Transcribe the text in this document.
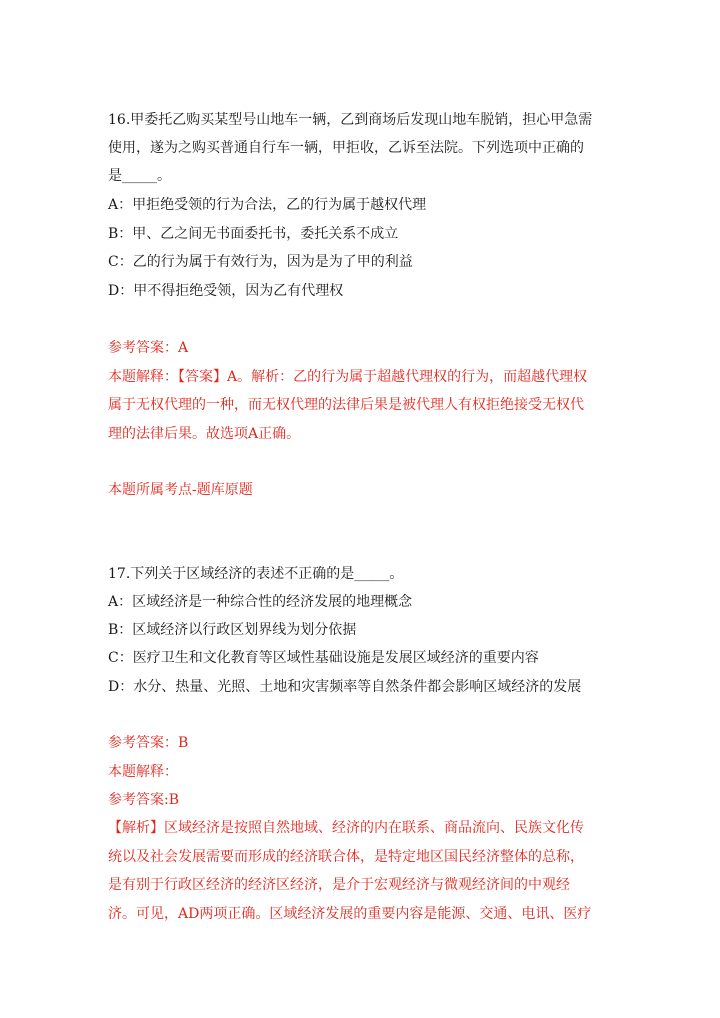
16.甲委托乙购买某型号山地车一辆，乙到商场后发现山地车脱销，担心甲急需
使用，遂为之购买普通自行车一辆，甲拒收，乙诉至法院。下列选项中正确的
是_____。
A：甲拒绝受领的行为合法，乙的行为属于越权代理
B：甲、乙之间无书面委托书，委托关系不成立
C：乙的行为属于有效行为，因为是为了甲的利益
D：甲不得拒绝受领，因为乙有代理权
参考答案：A
本题解释：【答案】A。解析：乙的行为属于超越代理权的行为，而超越代理权
属于无权代理的一种，而无权代理的法律后果是被代理人有权拒绝接受无权代
理的法律后果。故选项A正确。
本题所属考点-题库原题
17.下列关于区域经济的表述不正确的是_____。
A：区域经济是一种综合性的经济发展的地理概念
B：区域经济以行政区划界线为划分依据
C：医疗卫生和文化教育等区域性基础设施是发展区域经济的重要内容
D：水分、热量、光照、土地和灾害频率等自然条件都会影响区域经济的发展
参考答案：B
本题解释：
参考答案:B
【解析】区域经济是按照自然地域、经济的内在联系、商品流向、民族文化传
统以及社会发展需要而形成的经济联合体，是特定地区国民经济整体的总称，
是有别于行政区经济的经济区经济，是介于宏观经济与微观经济间的中观经
济。可见，AD两项正确。区域经济发展的重要内容是能源、交通、电讯、医疗
